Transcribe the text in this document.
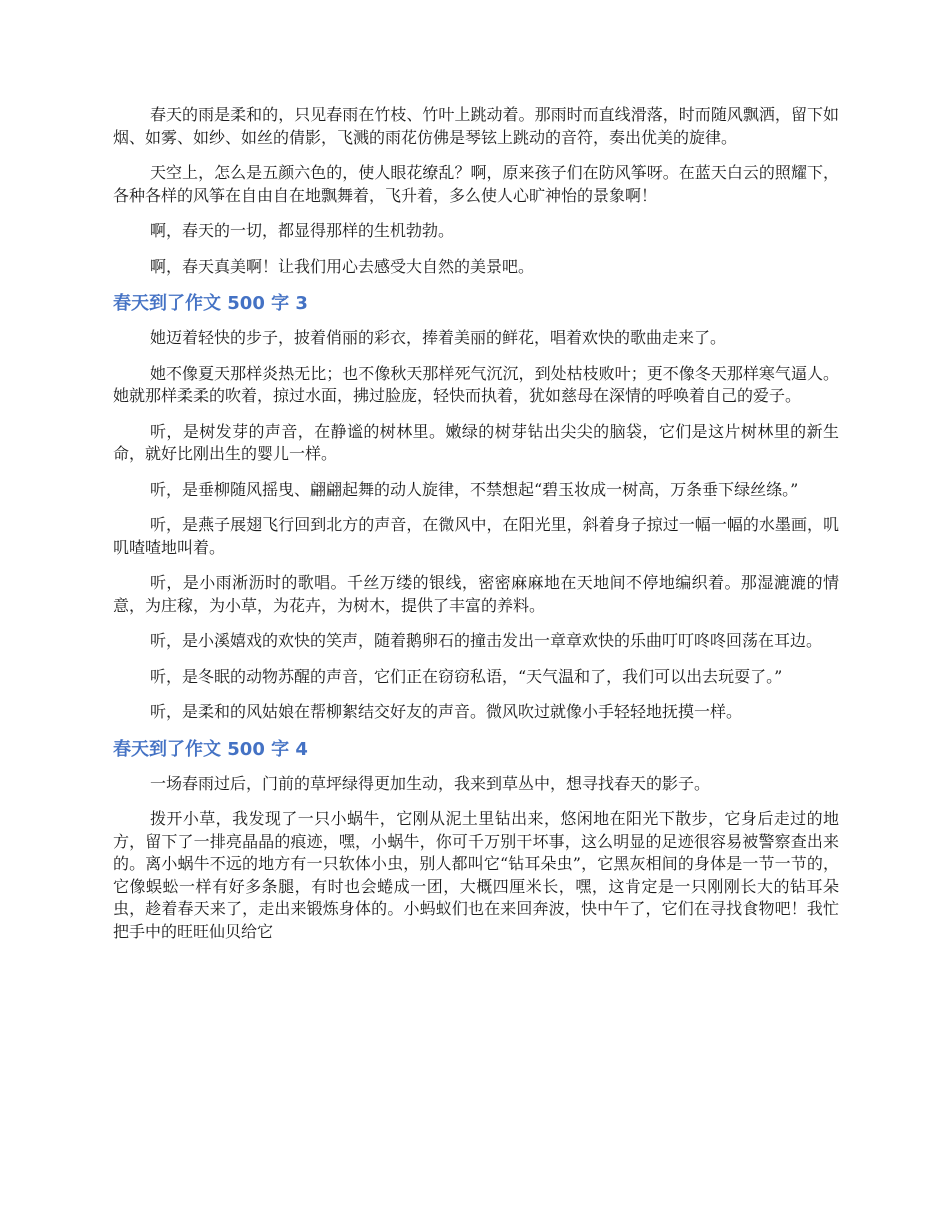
春天的雨是柔和的，只见春雨在竹枝、竹叶上跳动着。那雨时而直线滑落，时而随风飘洒，留下如烟、如雾、如纱、如丝的倩影，飞溅的雨花仿佛是琴铉上跳动的音符，奏出优美的旋律。

天空上，怎么是五颜六色的，使人眼花缭乱？啊，原来孩子们在防风筝呀。在蓝天白云的照耀下，各种各样的风筝在自由自在地飘舞着，飞升着，多么使人心旷神怡的景象啊！

啊，春天的一切，都显得那样的生机勃勃。

啊，春天真美啊！让我们用心去感受大自然的美景吧。

春天到了作文 500 字 3

她迈着轻快的步子，披着俏丽的彩衣，捧着美丽的鲜花，唱着欢快的歌曲走来了。

她不像夏天那样炎热无比；也不像秋天那样死气沉沉，到处枯枝败叶；更不像冬天那样寒气逼人。她就那样柔柔的吹着，掠过水面，拂过脸庞，轻快而执着，犹如慈母在深情的呼唤着自己的爱子。

听，是树发芽的声音，在静谧的树林里。嫩绿的树芽钻出尖尖的脑袋，它们是这片树林里的新生命，就好比刚出生的婴儿一样。

听，是垂柳随风摇曳、翩翩起舞的动人旋律，不禁想起“碧玉妆成一树高，万条垂下绿丝绦。”

听，是燕子展翅飞行回到北方的声音，在微风中，在阳光里，斜着身子掠过一幅一幅的水墨画，叽叽喳喳地叫着。

听，是小雨淅沥时的歌唱。千丝万缕的银线，密密麻麻地在天地间不停地编织着。那湿漉漉的情意，为庄稼，为小草，为花卉，为树木，提供了丰富的养料。

听，是小溪嬉戏的欢快的笑声，随着鹅卵石的撞击发出一章章欢快的乐曲叮叮咚咚回荡在耳边。

听，是冬眠的动物苏醒的声音，它们正在窃窃私语，“天气温和了，我们可以出去玩耍了。”

听，是柔和的风姑娘在帮柳絮结交好友的声音。微风吹过就像小手轻轻地抚摸一样。

春天到了作文 500 字 4

一场春雨过后，门前的草坪绿得更加生动，我来到草丛中，想寻找春天的影子。

拨开小草，我发现了一只小蜗牛，它刚从泥土里钻出来，悠闲地在阳光下散步，它身后走过的地方，留下了一排亮晶晶的痕迹，嘿，小蜗牛，你可千万别干坏事，这么明显的足迹很容易被警察查出来的。离小蜗牛不远的地方有一只软体小虫，别人都叫它“钻耳朵虫”，它黑灰相间的身体是一节一节的，它像蜈蚣一样有好多条腿，有时也会蜷成一团，大概四厘米长，嘿，这肯定是一只刚刚长大的钻耳朵虫，趁着春天来了，走出来锻炼身体的。小蚂蚁们也在来回奔波，快中午了，它们在寻找食物吧！我忙把手中的旺旺仙贝给它
